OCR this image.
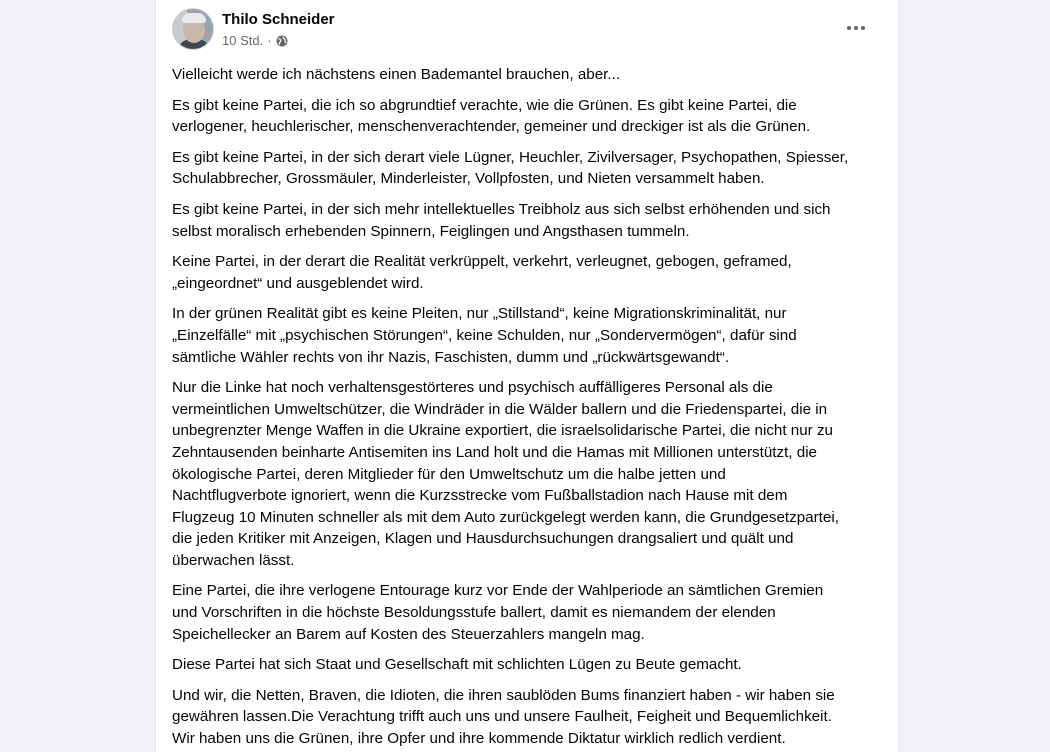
Thilo Schneider
10 Std. ·

Vielleicht werde ich nächstens einen Bademantel brauchen, aber...

Es gibt keine Partei, die ich so abgrundtief verachte, wie die Grünen. Es gibt keine Partei, die
verlogener, heuchlerischer, menschenverachtender, gemeiner und dreckiger ist als die Grünen.

Es gibt keine Partei, in der sich derart viele Lügner, Heuchler, Zivilversager, Psychopathen, Spiesser,
Schulabbrecher, Grossmäuler, Minderleister, Vollpfosten, und Nieten versammelt haben.

Es gibt keine Partei, in der sich mehr intellektuelles Treibholz aus sich selbst erhöhenden und sich
selbst moralisch erhebenden Spinnern, Feiglingen und Angsthasen tummeln.

Keine Partei, in der derart die Realität verkrüppelt, verkehrt, verleugnet, gebogen, geframed,
„eingeordnet“ und ausgeblendet wird.

In der grünen Realität gibt es keine Pleiten, nur „Stillstand“, keine Migrationskriminalität, nur
„Einzelfälle“ mit „psychischen Störungen“, keine Schulden, nur „Sondervermögen“, dafür sind
sämtliche Wähler rechts von ihr Nazis, Faschisten, dumm und „rückwärtsgewandt“.

Nur die Linke hat noch verhaltensgestörteres und psychisch auffälligeres Personal als die
vermeintlichen Umweltschützer, die Windräder in die Wälder ballern und die Friedenspartei, die in
unbegrenzter Menge Waffen in die Ukraine exportiert, die israelsolidarische Partei, die nicht nur zu
Zehntausenden beinharte Antisemiten ins Land holt und die Hamas mit Millionen unterstützt, die
ökologische Partei, deren Mitglieder für den Umweltschutz um die halbe jetten und
Nachtflugverbote ignoriert, wenn die Kurzsstrecke vom Fußballstadion nach Hause mit dem
Flugzeug 10 Minuten schneller als mit dem Auto zurückgelegt werden kann, die Grundgesetzpartei,
die jeden Kritiker mit Anzeigen, Klagen und Hausdurchsuchungen drangsaliert und quält und
überwachen lässt.

Eine Partei, die ihre verlogene Entourage kurz vor Ende der Wahlperiode an sämtlichen Gremien
und Vorschriften in die höchste Besoldungsstufe ballert, damit es niemandem der elenden
Speichellecker an Barem auf Kosten des Steuerzahlers mangeln mag.

Diese Partei hat sich Staat und Gesellschaft mit schlichten Lügen zu Beute gemacht.

Und wir, die Netten, Braven, die Idioten, die ihren saublöden Bums finanziert haben - wir haben sie
gewähren lassen.Die Verachtung trifft auch uns und unsere Faulheit, Feigheit und Bequemlichkeit.
Wir haben uns die Grünen, ihre Opfer und ihre kommende Diktatur wirklich redlich verdient.
